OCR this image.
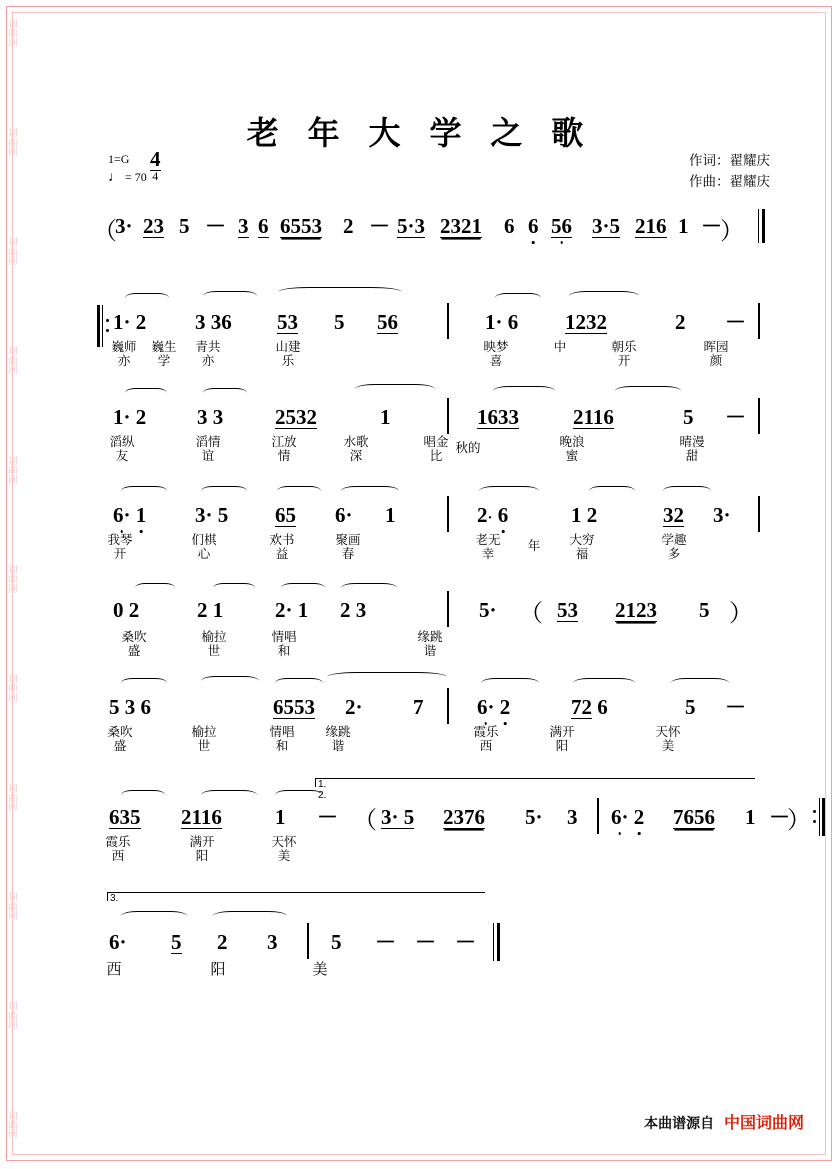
词
曲
网
词
曲
网
词
曲
网
词
曲
网
词
曲
网
词
曲
网
词
曲
网
词
曲
网
词
曲
网
词
曲
网
词
曲
网
老 年 大 学 之 歌
作词：翟耀庆
作曲：翟耀庆
1=G 4
4
♩ = 70
（
3· 23 5 － 3 6 6553 2 － 5·3 2321 6 6 56 3·5 216 1 －
）
1· 2 3 36 53 5 56	1· 6 1232	2 －
巍师亦
巍生学
青共亦
山建乐
映梦喜
中	朝乐开
晖园颜
1· 2 3 3 2532	1	1633	2116	5 －
滔纵友
滔情谊
江放情
水歌深
唱金比
秋的	晚浪蜜
晴漫甜
6· 1 3· 5 65 6· 1	2· 6	1 2	32 3·
我琴开
们棋心
欢书益
聚画春
老无幸
年	大穷福
学趣多
0 2	2 1 2· 1 2 3	5· （ 53 2123 5 ）
桑吹盛
榆拉世
情唱和
缘跳谐
5 3 6	6553 2· 7	6· 2	72 6	5 －
桑吹盛
榆拉世
情唱和
缘跳谐
霞乐西
满开阳
天怀美
1. 2.
635 2116	1 － （ 3· 5 2376 5· 3 6· 2 7656 1 －
）
霞乐西
满开阳
天怀美
3.
6· 5 2 3	5 － － －
西	阳	美
本曲谱源自 中国词曲网
